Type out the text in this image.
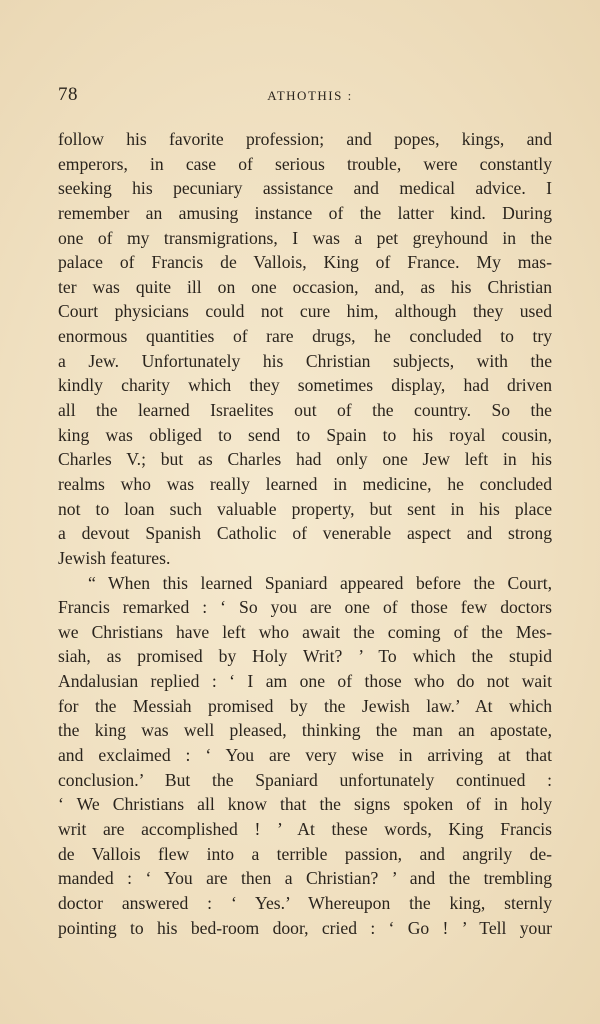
78	ATHOTHIS :
follow his favorite profession; and popes, kings, and
emperors, in case of serious trouble, were constantly
seeking his pecuniary assistance and medical advice. I
remember an amusing instance of the latter kind. During
one of my transmigrations, I was a pet greyhound in the
palace of Francis de Vallois, King of France. My mas-
ter was quite ill on one occasion, and, as his Christian
Court physicians could not cure him, although they used
enormous quantities of rare drugs, he concluded to try
a Jew. Unfortunately his Christian subjects, with the
kindly charity which they sometimes display, had driven
all the learned Israelites out of the country. So the
king was obliged to send to Spain to his royal cousin,
Charles V.; but as Charles had only one Jew left in his
realms who was really learned in medicine, he concluded
not to loan such valuable property, but sent in his place
a devout Spanish Catholic of venerable aspect and strong
Jewish features.
“ When this learned Spaniard appeared before the Court,
Francis remarked : ‘ So you are one of those few doctors
we Christians have left who await the coming of the Mes-
siah, as promised by Holy Writ? ’ To which the stupid
Andalusian replied : ‘ I am one of those who do not wait
for the Messiah promised by the Jewish law.’ At which
the king was well pleased, thinking the man an apostate,
and exclaimed : ‘ You are very wise in arriving at that
conclusion.’ But the Spaniard unfortunately continued :
‘ We Christians all know that the signs spoken of in holy
writ are accomplished ! ’ At these words, King Francis
de Vallois flew into a terrible passion, and angrily de-
manded : ‘ You are then a Christian? ’ and the trembling
doctor answered : ‘ Yes.’ Whereupon the king, sternly
pointing to his bed-room door, cried : ‘ Go ! ’ Tell your
